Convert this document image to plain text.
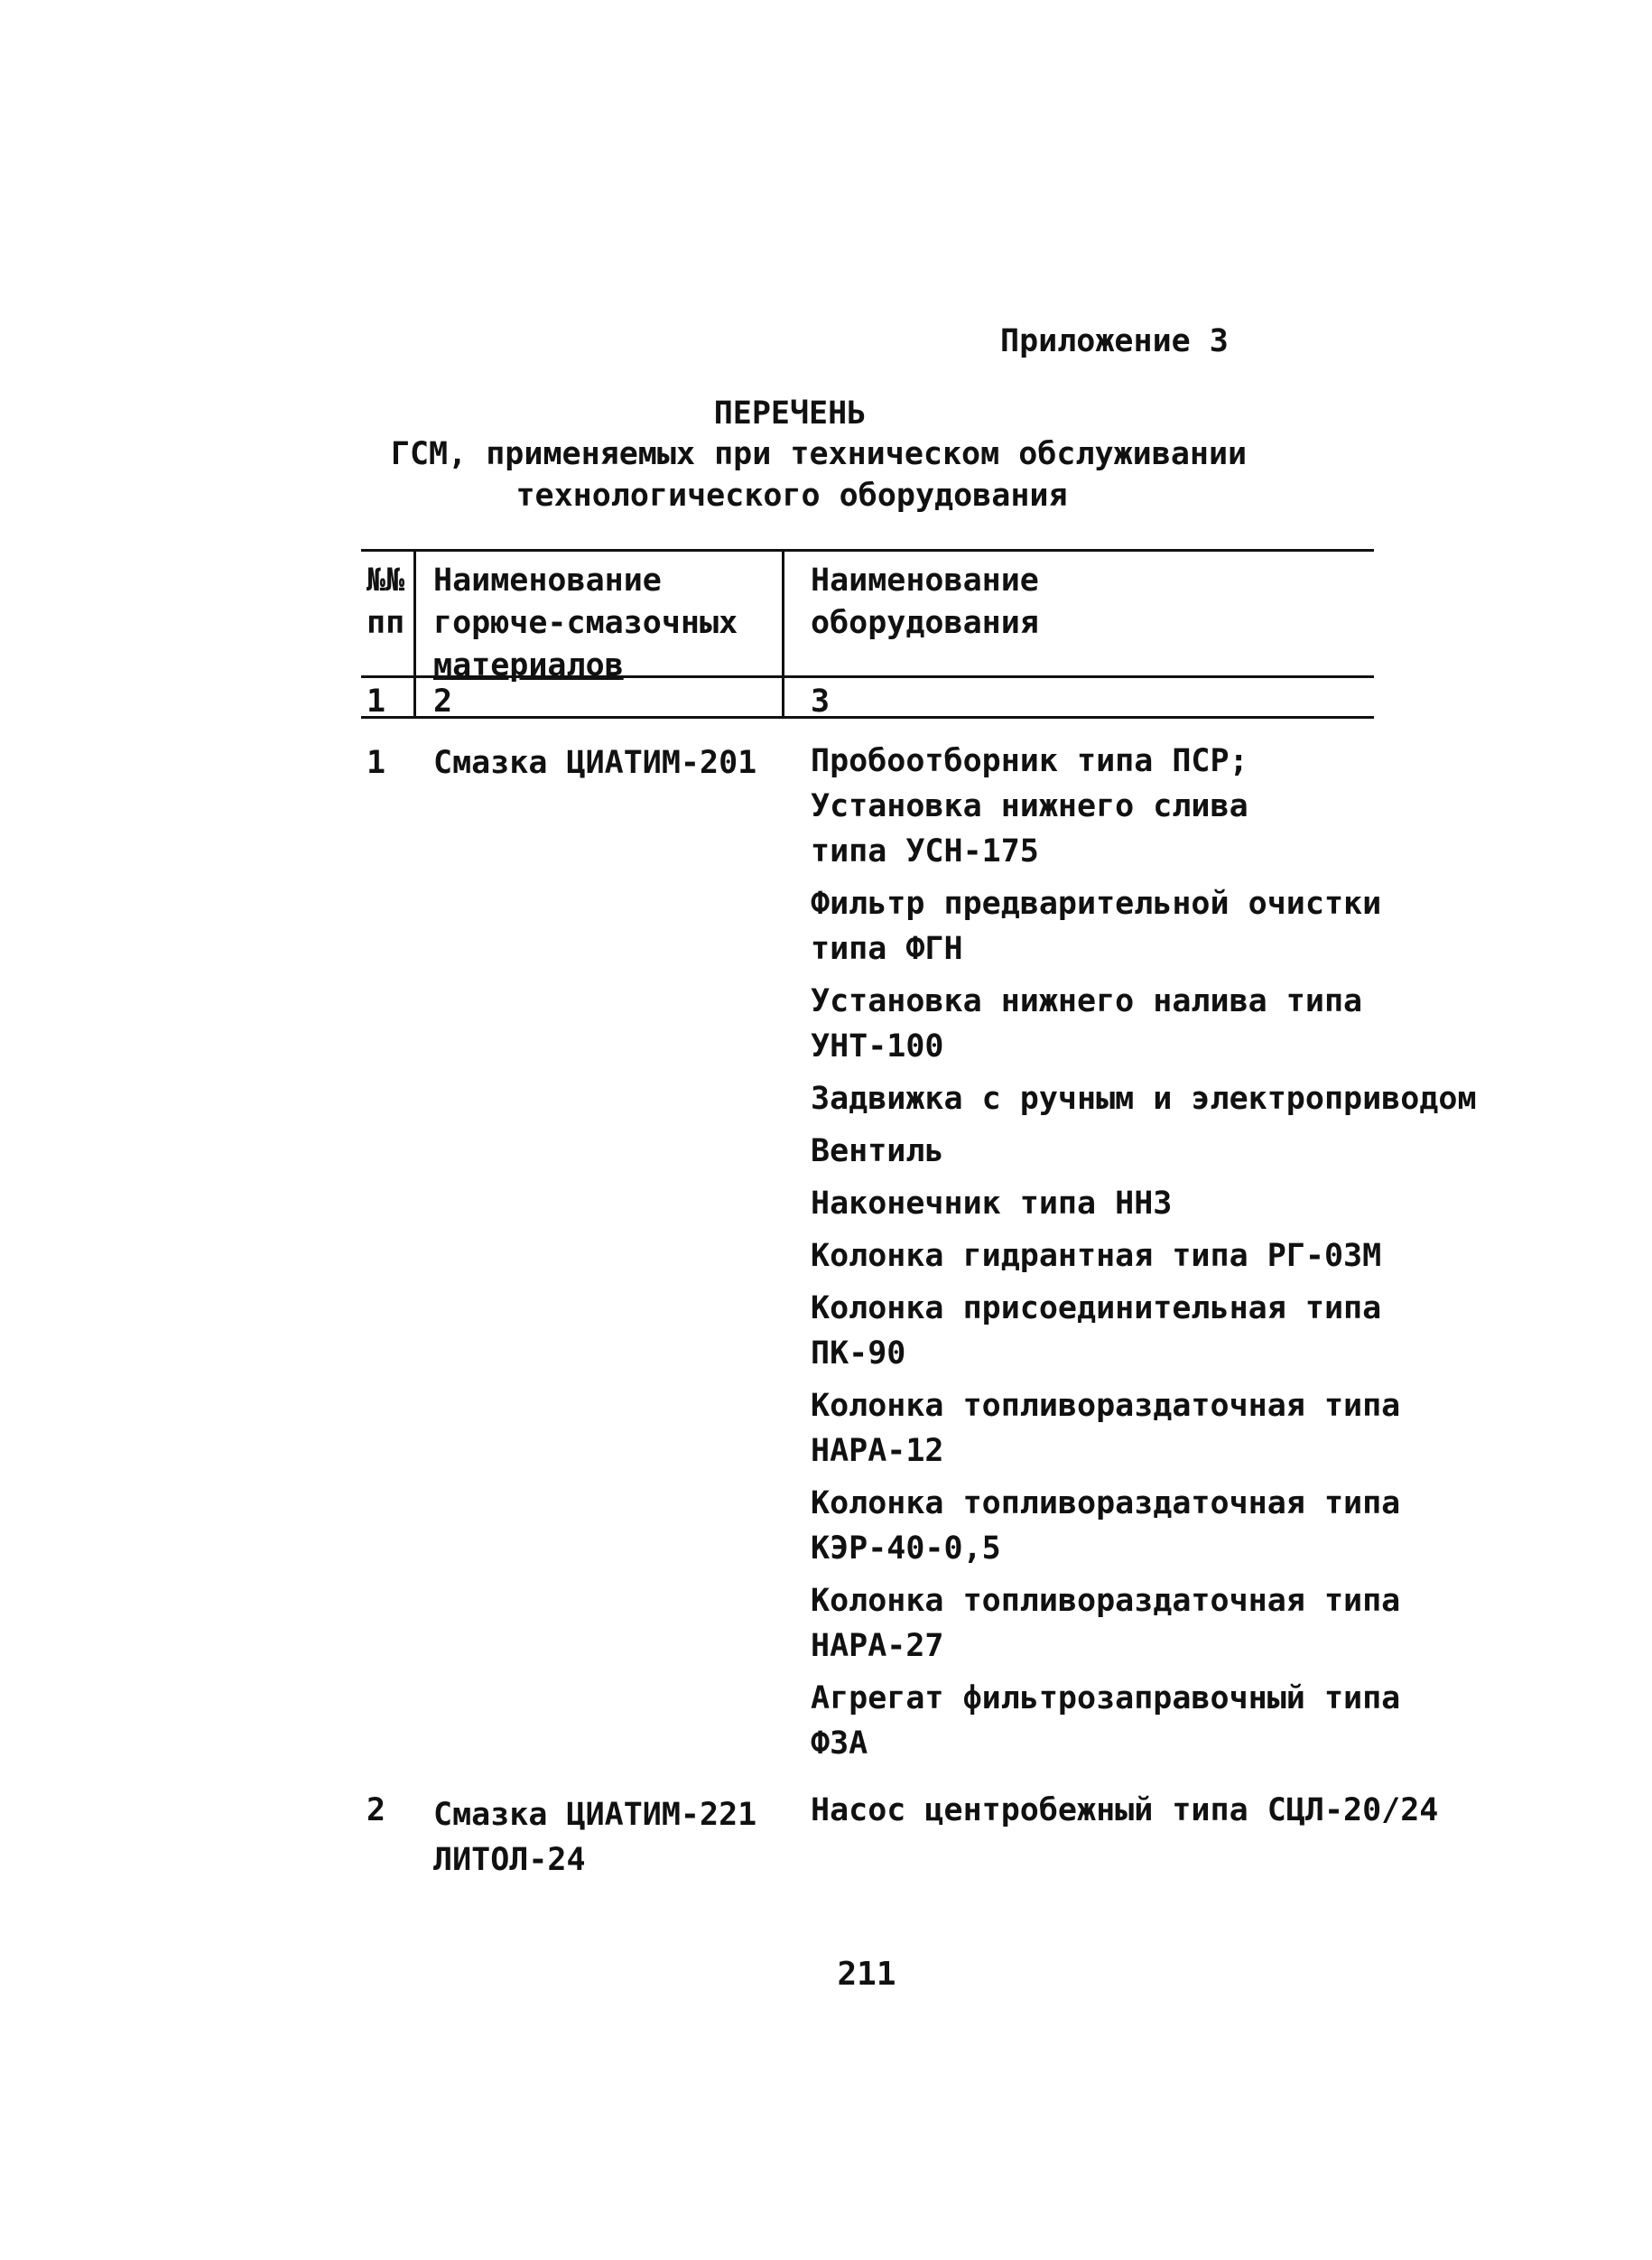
Приложение 3
ПЕРЕЧЕНЬ
ГСМ, применяемых при техническом обслуживании
технологического оборудования
№№
пп
Наименование
горюче-смазочных
материалов
Наименование
оборудования
1 2	3
1 Смазка ЦИАТИМ-201 Пробоотборник типа ПСР;
Установка нижнего слива
типа УСН-175
Фильтр предварительной очистки
типа ФГН
Установка нижнего налива типа
УНТ-100
Задвижка с ручным и электроприводом
Вентиль
Наконечник типа ННЗ
Колонка гидрантная типа РГ-03М
Колонка присоединительная типа
ПК-90
Колонка топливораздаточная типа
НАРА-12
Колонка топливораздаточная типа
КЭР-40-0,5
Колонка топливораздаточная типа
НАРА-27
Агрегат фильтрозаправочный типа
ФЗА
2 Смазка ЦИАТИМ-221
ЛИТОЛ-24
Насос центробежный типа СЦЛ-20/24
211
